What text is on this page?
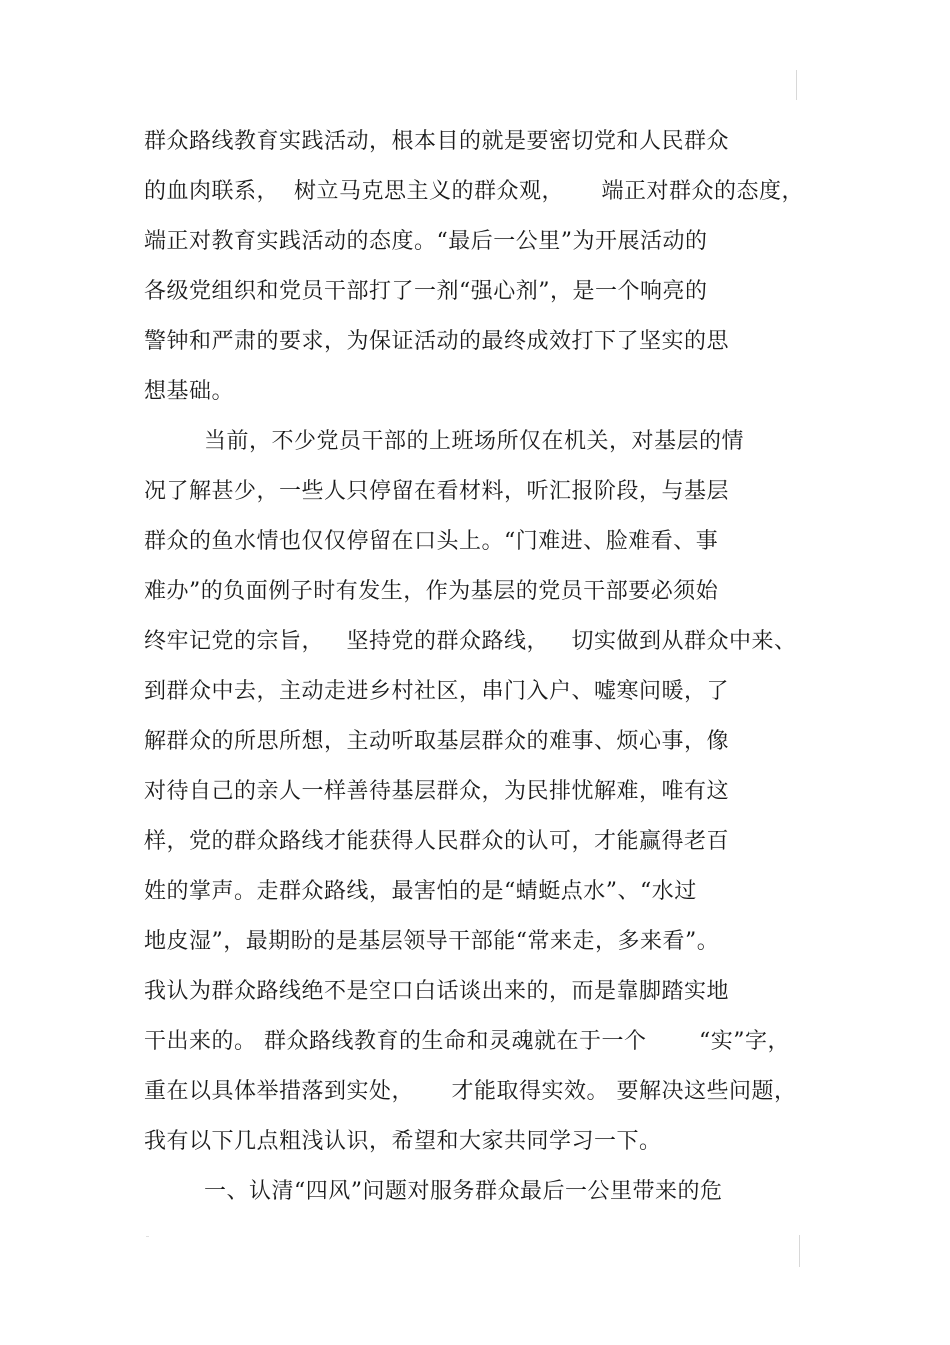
群众路线教育实践活动，根本目的就是要密切党和人民群众
的血肉联系，  树立马克思主义的群众观，     端正对群众的态度，
端正对教育实践活动的态度。“最后一公里”为开展活动的
各级党组织和党员干部打了一剂“强心剂”，是一个响亮的
警钟和严肃的要求，为保证活动的最终成效打下了坚实的思
想基础。
当前，不少党员干部的上班场所仅在机关，对基层的情
况了解甚少，一些人只停留在看材料，听汇报阶段，与基层
群众的鱼水情也仅仅停留在口头上。“门难进、脸难看、事
难办”的负面例子时有发生，作为基层的党员干部要必须始
终牢记党的宗旨，   坚持党的群众路线，   切实做到从群众中来、
到群众中去，主动走进乡村社区，串门入户、嘘寒问暖，了
解群众的所思所想，主动听取基层群众的难事、烦心事，像
对待自己的亲人一样善待基层群众，为民排忧解难，唯有这
样，党的群众路线才能获得人民群众的认可，才能赢得老百
姓的掌声。走群众路线，最害怕的是“蜻蜓点水”、“水过
地皮湿”，最期盼的是基层领导干部能“常来走，多来看”。
我认为群众路线绝不是空口白话谈出来的，而是靠脚踏实地
干出来的。 群众路线教育的生命和灵魂就在于一个       “实”字，
重在以具体举措落到实处，     才能取得实效。 要解决这些问题，
我有以下几点粗浅认识，希望和大家共同学习一下。
一、认清“四风”问题对服务群众最后一公里带来的危
